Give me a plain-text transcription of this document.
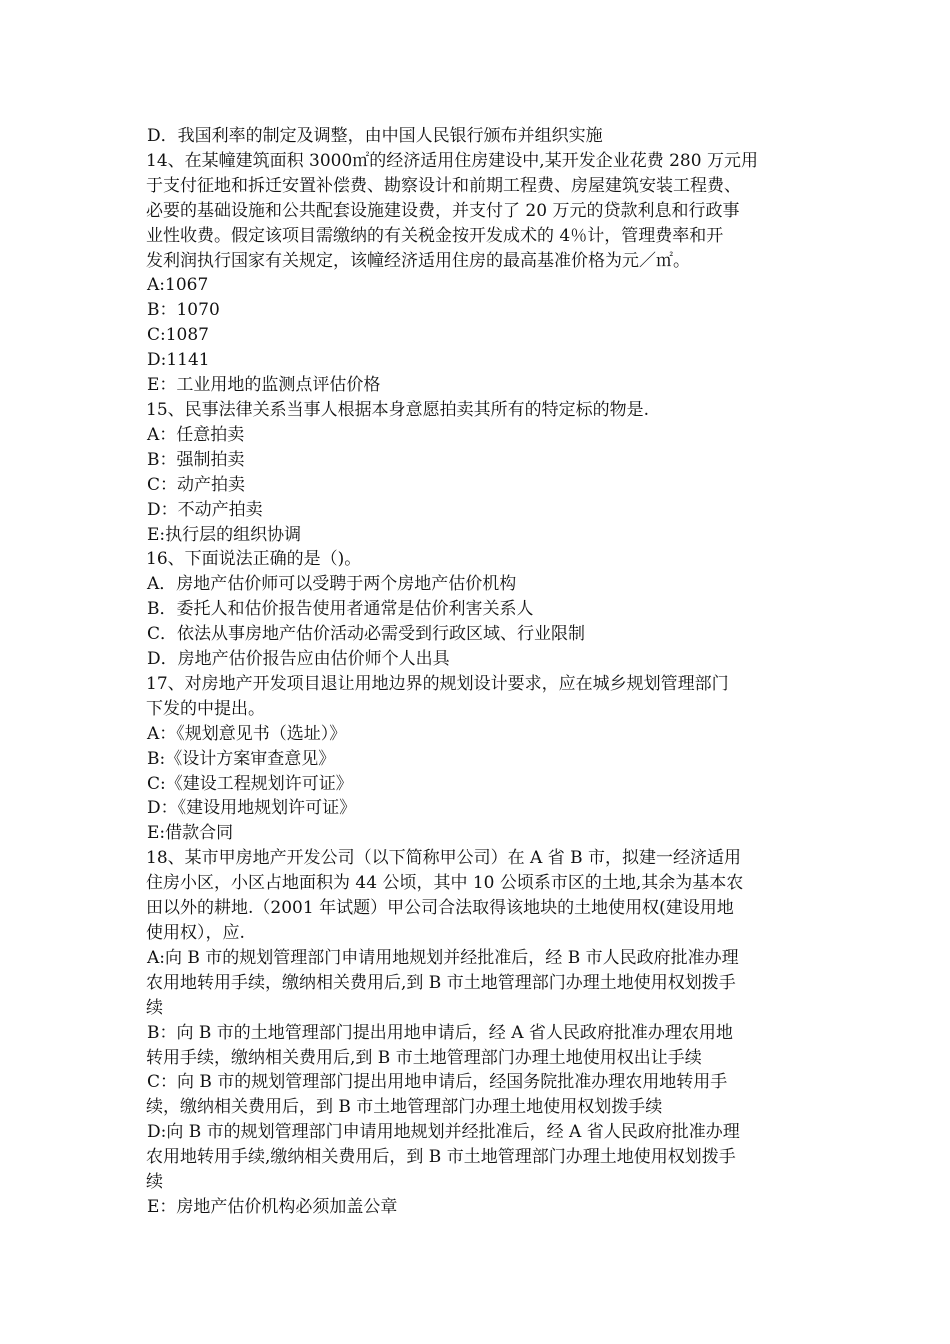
D．我国利率的制定及调整，由中国人民银行颁布并组织实施
14、在某幢建筑面积 3000㎡的经济适用住房建设中,某开发企业花费 280 万元用
于支付征地和拆迁安置补偿费、勘察设计和前期工程费、房屋建筑安装工程费、
必要的基础设施和公共配套设施建设费，并支付了 20 万元的贷款利息和行政事
业性收费。假定该项目需缴纳的有关税金按开发成术的 4％计，管理费率和开
发利润执行国家有关规定，该幢经济适用住房的最高基准价格为元／㎡。
A:1067
B：1070
C:1087
D:1141
E：工业用地的监测点评估价格
15、民事法律关系当事人根据本身意愿拍卖其所有的特定标的物是.
A：任意拍卖
B：强制拍卖
C：动产拍卖
D：不动产拍卖
E:执行层的组织协调
16、下面说法正确的是（)。
A．房地产估价师可以受聘于两个房地产估价机构
B．委托人和估价报告使用者通常是估价利害关系人
C．依法从事房地产估价活动必需受到行政区域、行业限制
D．房地产估价报告应由估价师个人出具
17、对房地产开发项目退让用地边界的规划设计要求，应在城乡规划管理部门
下发的中提出。
A：《规划意见书（选址）》
B:《设计方案审查意见》
C:《建设工程规划许可证》
D：《建设用地规划许可证》
E:借款合同
18、某市甲房地产开发公司（以下简称甲公司）在 A 省 B 市，拟建一经济适用
住房小区，小区占地面积为 44 公顷，其中 10 公顷系市区的土地,其余为基本农
田以外的耕地.（2001 年试题）甲公司合法取得该地块的土地使用权(建设用地
使用权），应.
A:向 B 市的规划管理部门申请用地规划并经批准后，经 B 市人民政府批准办理
农用地转用手续，缴纳相关费用后,到 B 市土地管理部门办理土地使用权划拨手
续
B：向 B 市的土地管理部门提出用地申请后，经 A 省人民政府批准办理农用地
转用手续，缴纳相关费用后,到 B 市土地管理部门办理土地使用权出让手续
C：向 B 市的规划管理部门提出用地申请后，经国务院批准办理农用地转用手
续，缴纳相关费用后，到 B 市土地管理部门办理土地使用权划拨手续
D:向 B 市的规划管理部门申请用地规划并经批准后，经 A 省人民政府批准办理
农用地转用手续,缴纳相关费用后，到 B 市土地管理部门办理土地使用权划拨手
续
E：房地产估价机构必须加盖公章
